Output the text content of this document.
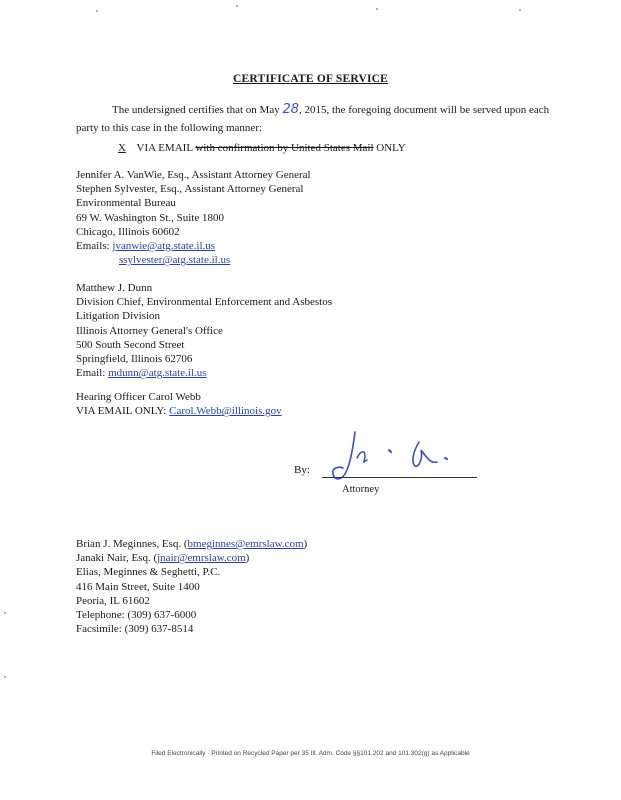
CERTIFICATE OF SERVICE
The undersigned certifies that on May 28, 2015, the foregoing document will be served upon each party to this case in the following manner:
X VIA EMAIL with confirmation by United States Mail ONLY
Jennifer A. VanWie, Esq., Assistant Attorney General
Stephen Sylvester, Esq., Assistant Attorney General
Environmental Bureau
69 W. Washington St., Suite 1800
Chicago, Illinois 60602
Emails: jvanwie@atg.state.il.us
ssylvester@atg.state.il.us
Matthew J. Dunn
Division Chief, Environmental Enforcement and Asbestos
Litigation Division
Illinois Attorney General's Office
500 South Second Street
Springfield, Illinois 62706
Email: mdunn@atg.state.il.us
Hearing Officer Carol Webb
VIA EMAIL ONLY: Carol.Webb@illinois.gov
By:
Attorney
Brian J. Meginnes, Esq. (bmeginnes@emrslaw.com)
Janaki Nair, Esq. (jnair@emrslaw.com)
Elias, Meginnes & Seghetti, P.C.
416 Main Street, Suite 1400
Peoria, IL 61602
Telephone: (309) 637-6000
Facsimile: (309) 637-8514
Filed Electronically · Printed on Recycled Paper per 35 Ill. Adm. Code §§101.202 and 101.302(g) as Applicable
